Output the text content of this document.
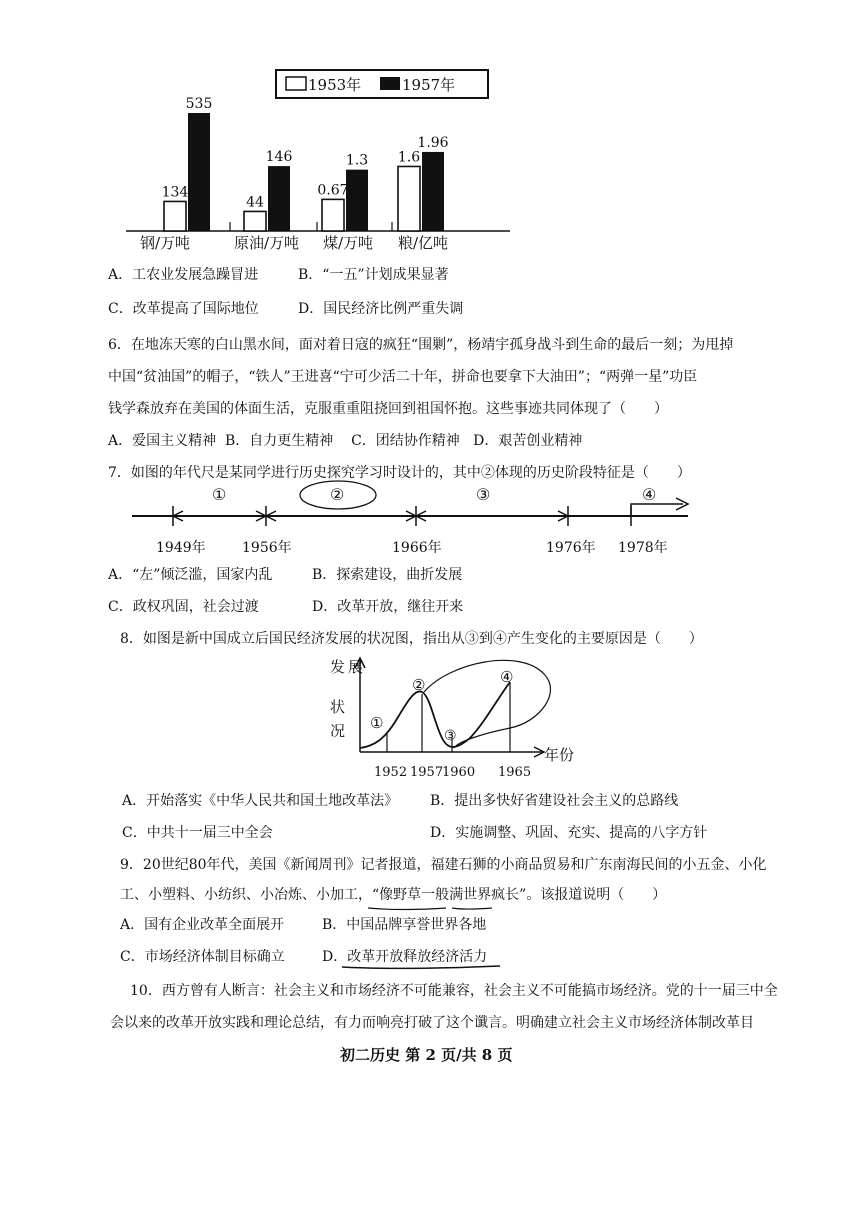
1953年	1957年
134
535
44
146
0.67
1.3 1.6
1.96
钢/万吨	原油/万吨 煤/万吨 粮/亿吨
A．工农业发展急躁冒进	B．“一五”计划成果显著
C．改革提高了国际地位	D．国民经济比例严重失调
6．在地冻天寒的白山黑水间，面对着日寇的疯狂“围剿”，杨靖宇孤身战斗到生命的最后一刻；为甩掉
中国“贫油国”的帽子，“铁人”王进喜“宁可少活二十年，拼命也要拿下大油田”；“两弹一星”功臣
钱学森放弃在美国的体面生活，克服重重阻挠回到祖国怀抱。这些事迹共同体现了（　　）
A．爱国主义精神  B．自力更生精神    C．团结协作精神   D．艰苦创业精神
7．如图的年代尺是某同学进行历史探究学习时设计的，其中②体现的历史阶段特征是（　　）
①	②	③	④
1949年	1956年	1966年	1976年 1978年
A．“左”倾泛滥，国家内乱	B．探索建设，曲折发展
C．政权巩固，社会过渡	D．改革开放，继往开来
8．如图是新中国成立后国民经济发展的状况图，指出从③到④产生变化的主要原因是（　　）
发 展
状
况
年份
①
②
③
④
1952 1957
1960 1965
A．开始落实《中华人民共和国土地改革法》 B．提出多快好省建设社会主义的总路线
C．中共十一届三中全会	D．实施调整、巩固、充实、提高的八字方针
9．20世纪80年代，美国《新闻周刊》记者报道，福建石狮的小商品贸易和广东南海民间的小五金、小化
工、小塑料、小纺织、小冶炼、小加工，“像野草一般满世界疯长”。该报道说明（　　）
A．国有企业改革全面展开	B．中国品牌享誉世界各地
C．市场经济体制目标确立	D．改革开放释放经济活力
10．西方曾有人断言：社会主义和市场经济不可能兼容，社会主义不可能搞市场经济。党的十一届三中全
会以来的改革开放实践和理论总结，有力而响亮打破了这个谶言。明确建立社会主义市场经济体制改革目
初二历史 第 2 页/共 8 页
